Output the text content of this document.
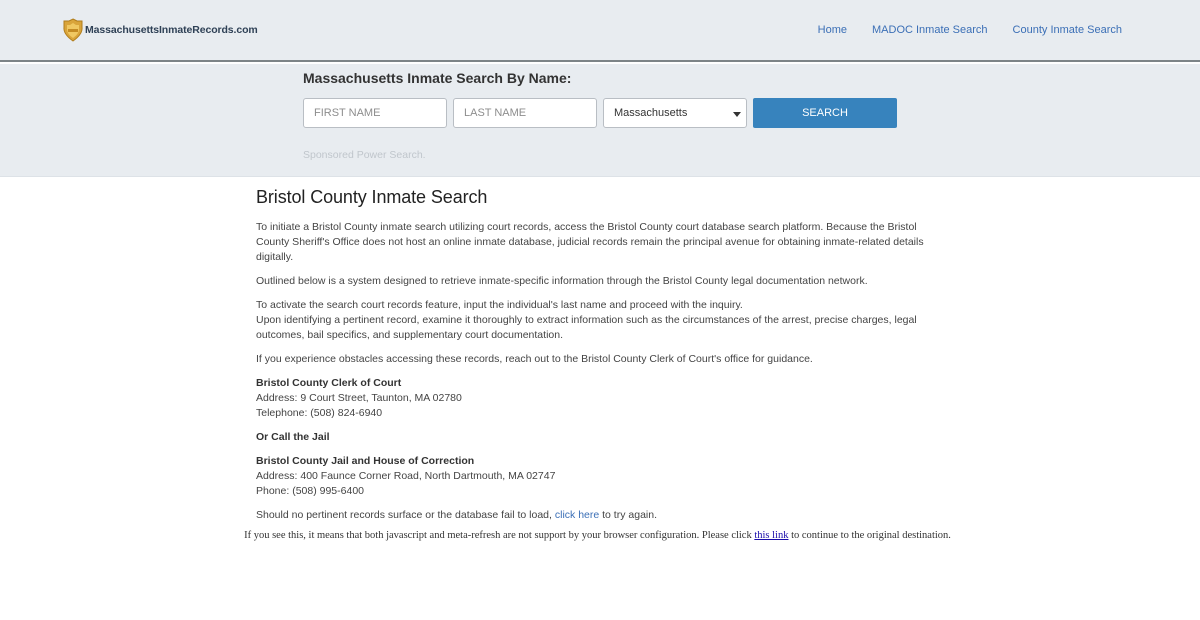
MassachusettsInmateRecords.com	Home MADOC Inmate Search County Inmate Search
Massachusetts Inmate Search By Name:
FIRST NAME
LAST NAME
Massachusetts	SEARCH
Sponsored Power Search.
Bristol County Inmate Search

To initiate a Bristol County inmate search utilizing court records, access the Bristol County court database search platform. Because the Bristol County Sheriff's Office does not host an online inmate database, judicial records remain the principal avenue for obtaining inmate-related details digitally.

Outlined below is a system designed to retrieve inmate-specific information through the Bristol County legal documentation network.

To activate the search court records feature, input the individual's last name and proceed with the inquiry.
Upon identifying a pertinent record, examine it thoroughly to extract information such as the circumstances of the arrest, precise charges, legal outcomes, bail specifics, and supplementary court documentation.

If you experience obstacles accessing these records, reach out to the Bristol County Clerk of Court's office for guidance.

Bristol County Clerk of Court
Address: 9 Court Street, Taunton, MA 02780
Telephone: (508) 824-6940

Or Call the Jail

Bristol County Jail and House of Correction
Address: 400 Faunce Corner Road, North Dartmouth, MA 02747
Phone: (508) 995-6400

Should no pertinent records surface or the database fail to load, click here to try again.

If you see this, it means that both javascript and meta-refresh are not support by your browser configuration. Please click this link to continue to the original destination.
